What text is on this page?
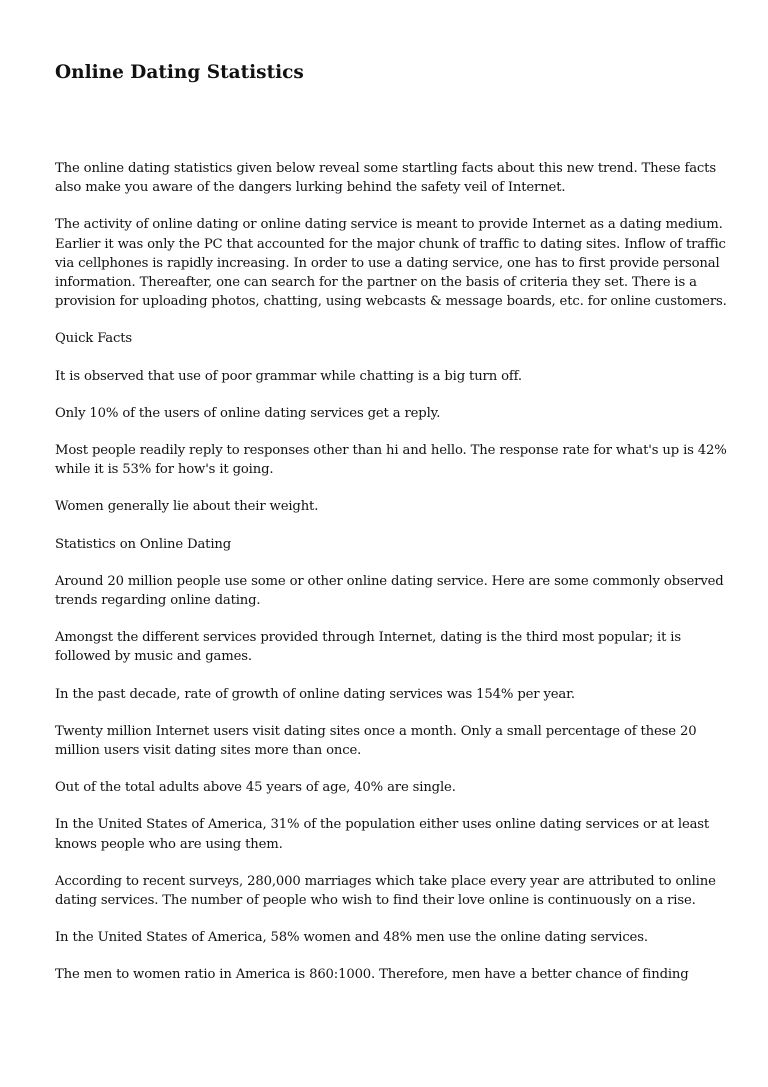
Online Dating Statistics

The online dating statistics given below reveal some startling facts about this new trend. These facts also make you aware of the dangers lurking behind the safety veil of Internet.

The activity of online dating or online dating service is meant to provide Internet as a dating medium. Earlier it was only the PC that accounted for the major chunk of traffic to dating sites. Inflow of traffic via cellphones is rapidly increasing. In order to use a dating service, one has to first provide personal information. Thereafter, one can search for the partner on the basis of criteria they set. There is a provision for uploading photos, chatting, using webcasts & message boards, etc. for online customers.

Quick Facts

It is observed that use of poor grammar while chatting is a big turn off.

Only 10% of the users of online dating services get a reply.

Most people readily reply to responses other than hi and hello. The response rate for what's up is 42% while it is 53% for how's it going.

Women generally lie about their weight.

Statistics on Online Dating

Around 20 million people use some or other online dating service. Here are some commonly observed trends regarding online dating.

Amongst the different services provided through Internet, dating is the third most popular; it is followed by music and games.

In the past decade, rate of growth of online dating services was 154% per year.

Twenty million Internet users visit dating sites once a month. Only a small percentage of these 20 million users visit dating sites more than once.

Out of the total adults above 45 years of age, 40% are single.

In the United States of America, 31% of the population either uses online dating services or at least knows people who are using them.

According to recent surveys, 280,000 marriages which take place every year are attributed to online dating services. The number of people who wish to find their love online is continuously on a rise.

In the United States of America, 58% women and 48% men use the online dating services.

The men to women ratio in America is 860:1000. Therefore, men have a better chance of finding
